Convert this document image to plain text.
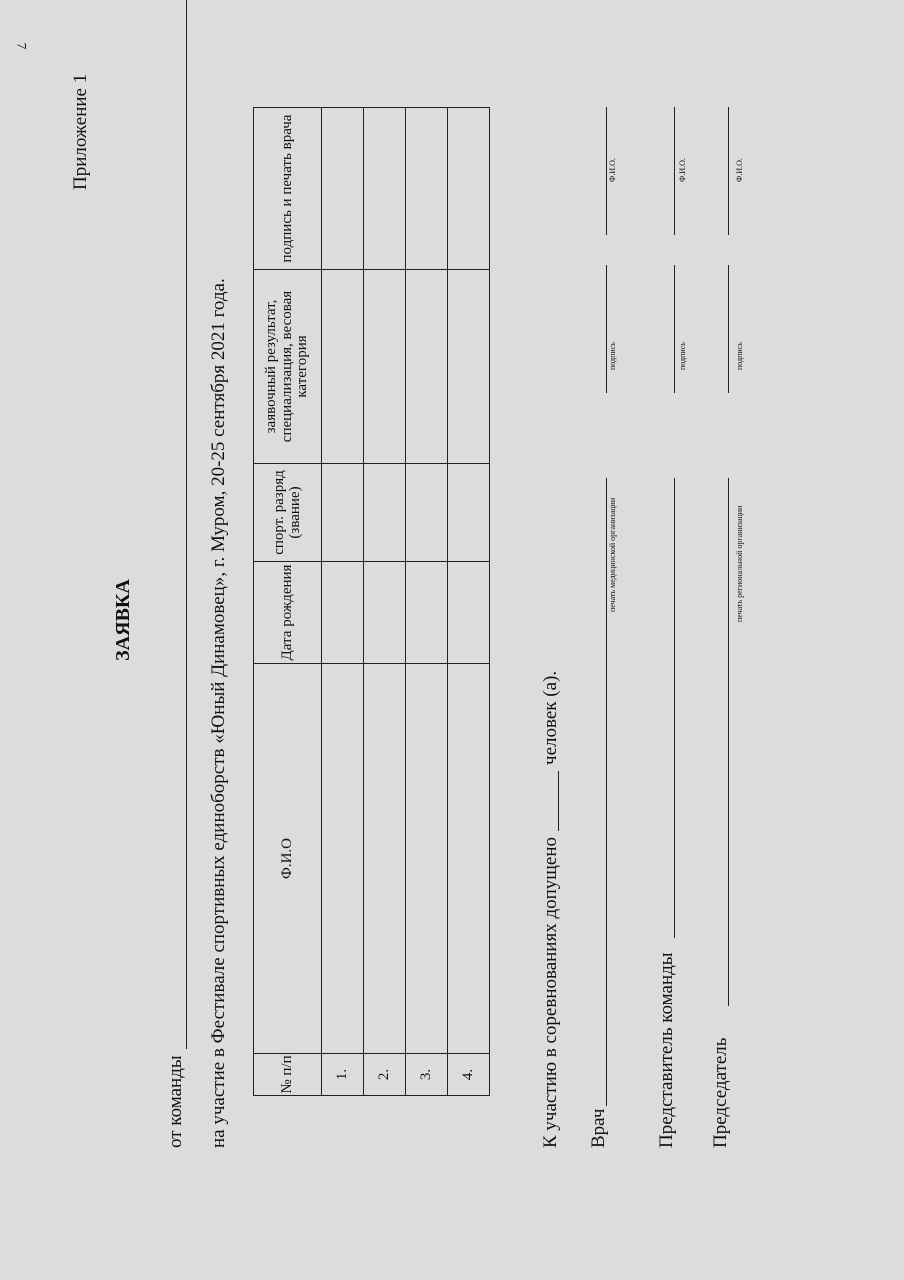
7
Приложение 1
ЗАЯВКА
от команды на участие в Фестивале спортивных единоборств «Юный Динамовец», г. Муром, 20-25 сентября 2021 года.	№ п/п	Ф.И.О	Дата рождения	спорт. разряд (звание)	заявочный результат, специализация, весовая категория	подпись и печать врача
1.					
2.					
3.					
4.						К участию в соревнованиях допущено
человек (а).
Врач
печать медицинской организации
подпись
Ф.И.О.
Представитель команды
подпись
Ф.И.О.
Председатель
печать региональной организации
подпись
Ф.И.О.
